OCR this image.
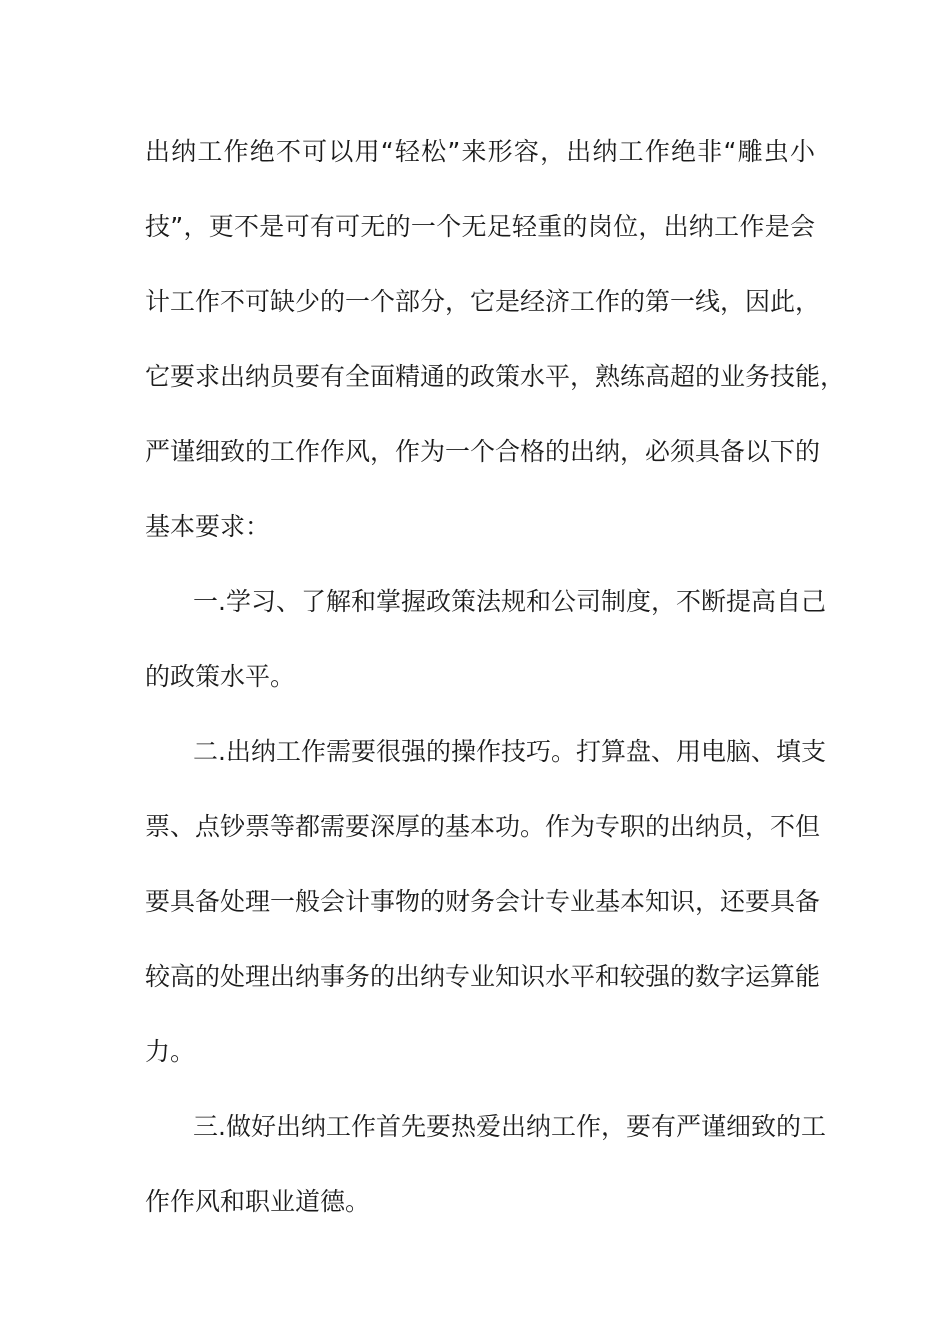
出纳工作绝不可以用“轻松”来形容，出纳工作绝非“雕虫小
技”，更不是可有可无的一个无足轻重的岗位，出纳工作是会
计工作不可缺少的一个部分，它是经济工作的第一线，因此，
它要求出纳员要有全面精通的政策水平，熟练高超的业务技能，
严谨细致的工作作风，作为一个合格的出纳，必须具备以下的
基本要求：
一.学习、了解和掌握政策法规和公司制度，不断提高自己
的政策水平。
二.出纳工作需要很强的操作技巧。打算盘、用电脑、填支
票、点钞票等都需要深厚的基本功。作为专职的出纳员，不但
要具备处理一般会计事物的财务会计专业基本知识，还要具备
较高的处理出纳事务的出纳专业知识水平和较强的数字运算能
力。
三.做好出纳工作首先要热爱出纳工作，要有严谨细致的工
作作风和职业道德。
